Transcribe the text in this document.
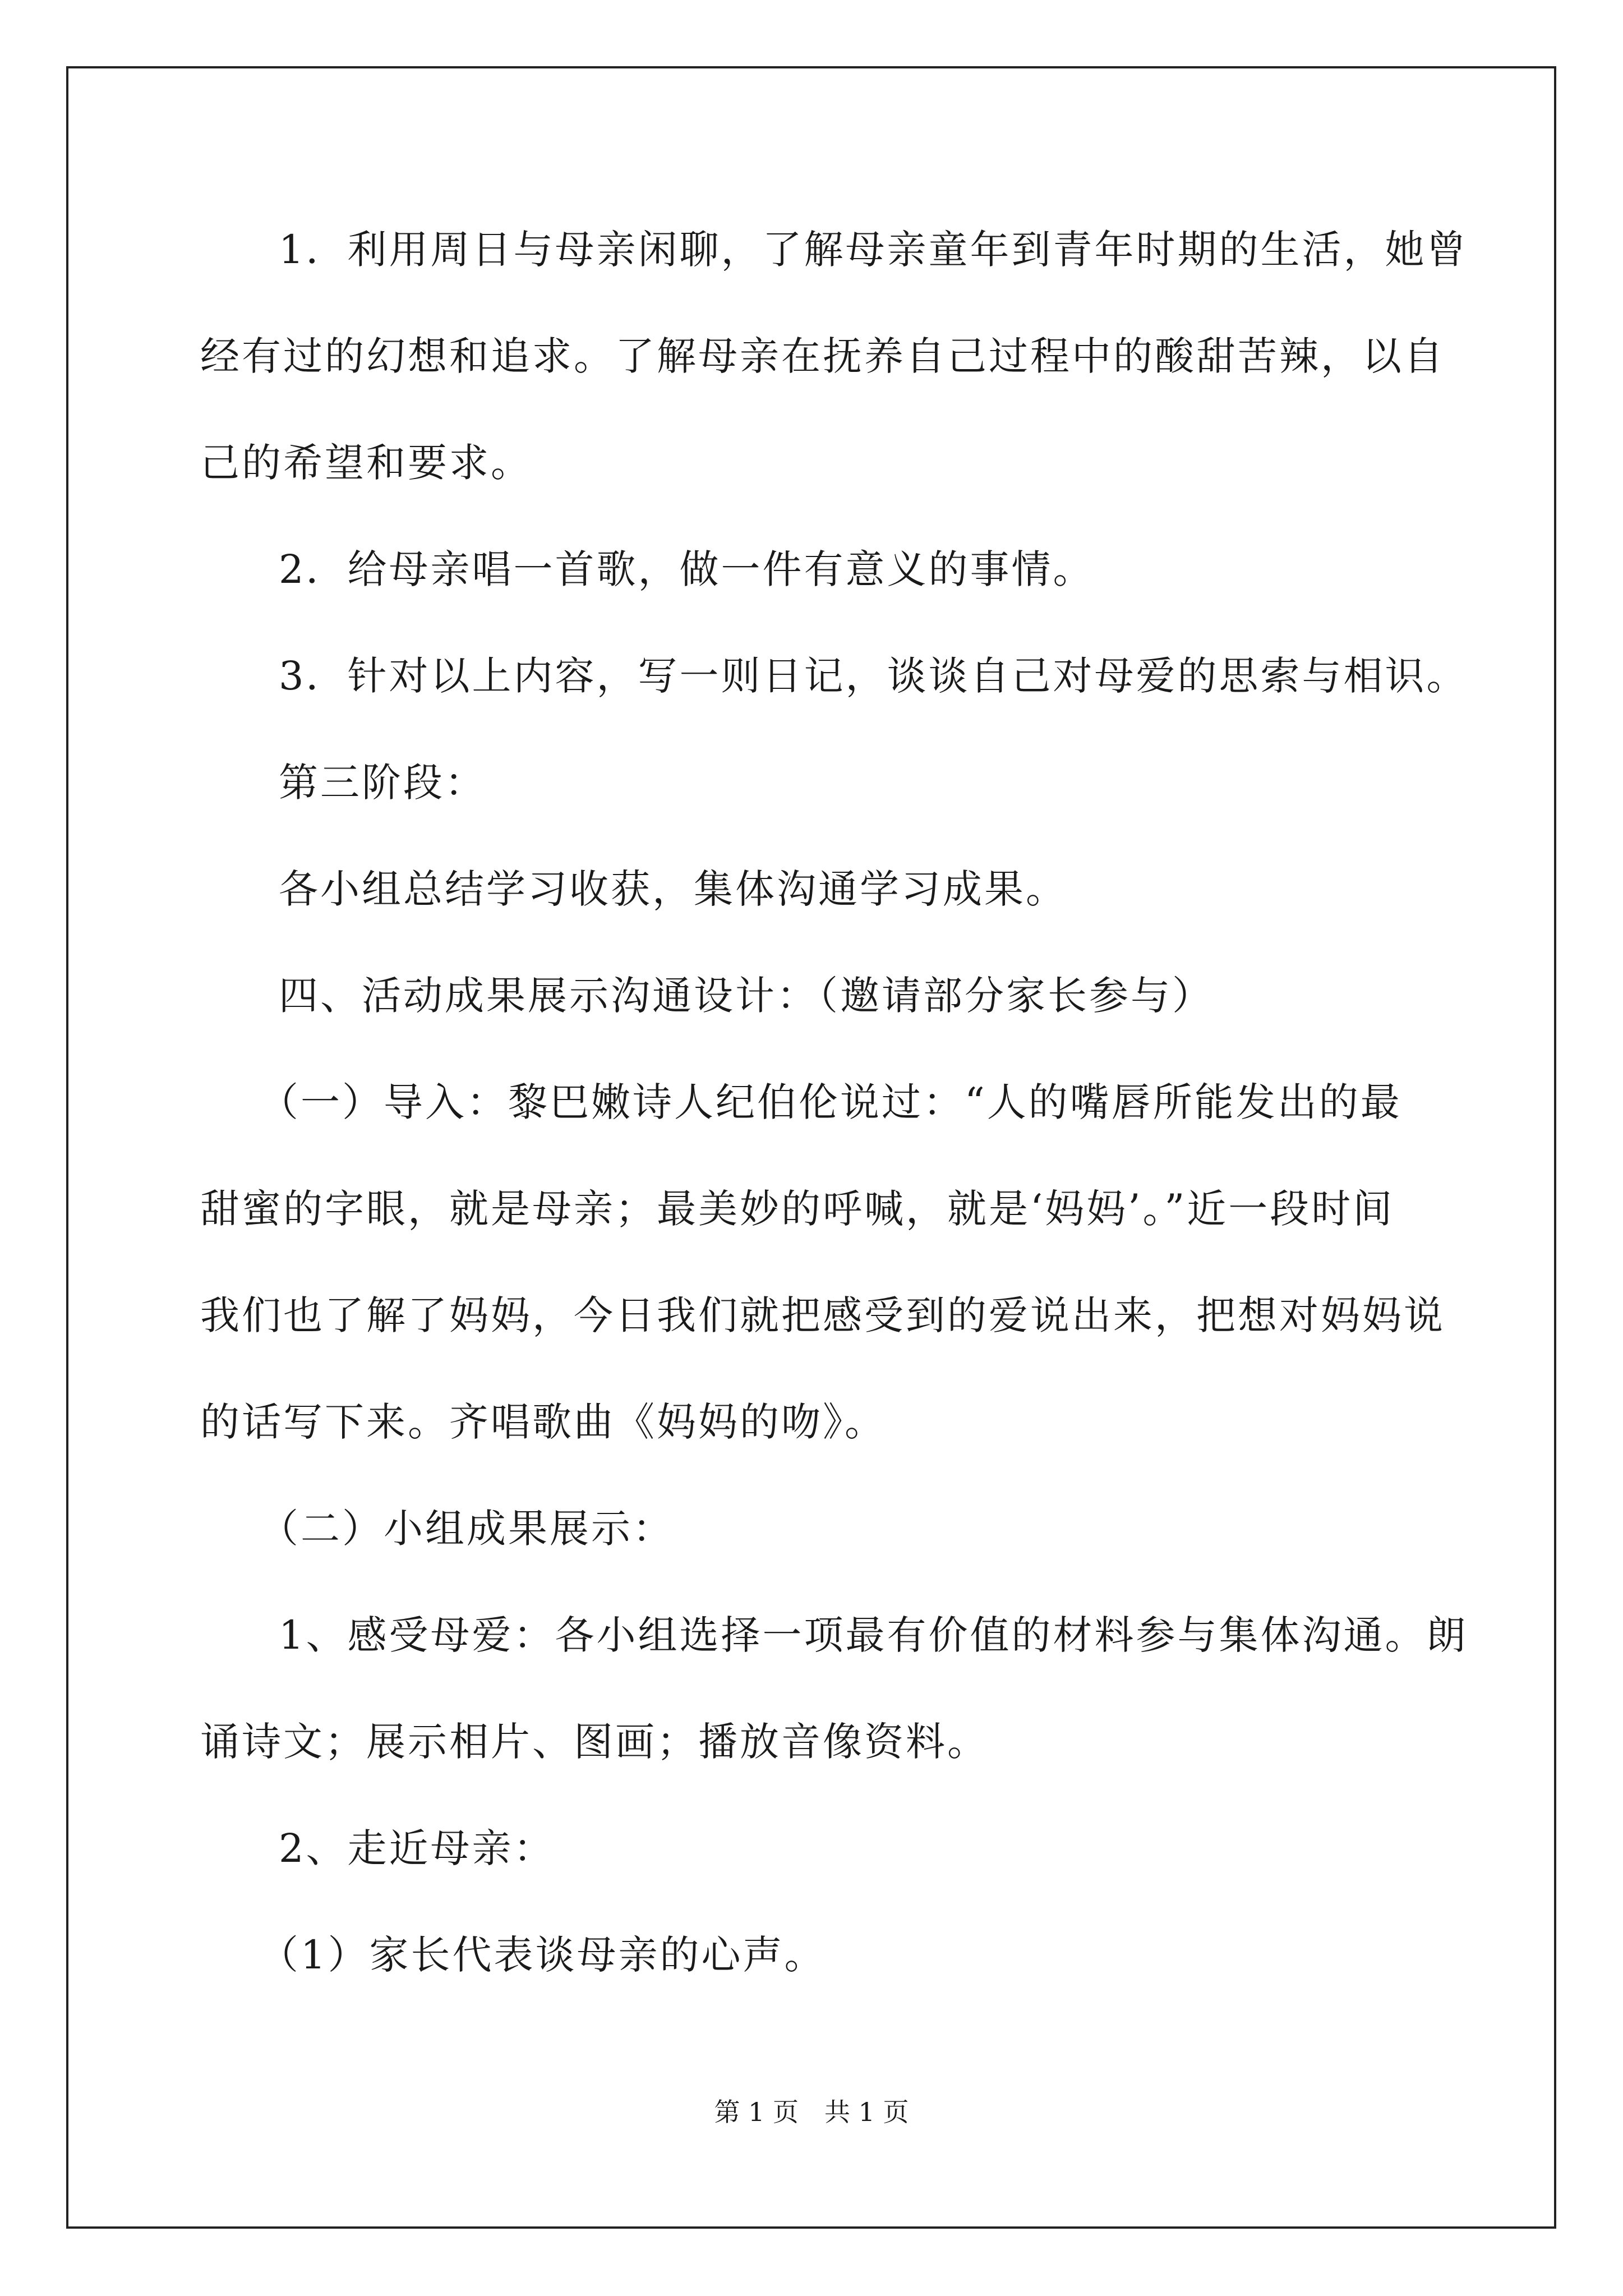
1．利用周日与母亲闲聊，了解母亲童年到青年时期的生活，她曾
经有过的幻想和追求。了解母亲在抚养自己过程中的酸甜苦辣，以自
己的希望和要求。
2．给母亲唱一首歌，做一件有意义的事情。
3．针对以上内容，写一则日记，谈谈自己对母爱的思索与相识。
第三阶段：
各小组总结学习收获，集体沟通学习成果。
四、活动成果展示沟通设计：（邀请部分家长参与）
（一）导入：黎巴嫩诗人纪伯伦说过：“人的嘴唇所能发出的最
甜蜜的字眼，就是母亲；最美妙的呼喊，就是‘妈妈’。”近一段时间
我们也了解了妈妈，今日我们就把感受到的爱说出来，把想对妈妈说
的话写下来。齐唱歌曲《妈妈的吻》。
（二）小组成果展示：
1、感受母爱：各小组选择一项最有价值的材料参与集体沟通。朗
诵诗文；展示相片、图画；播放音像资料。
2、走近母亲：
（1）家长代表谈母亲的心声。
第 1 页　共 1 页
